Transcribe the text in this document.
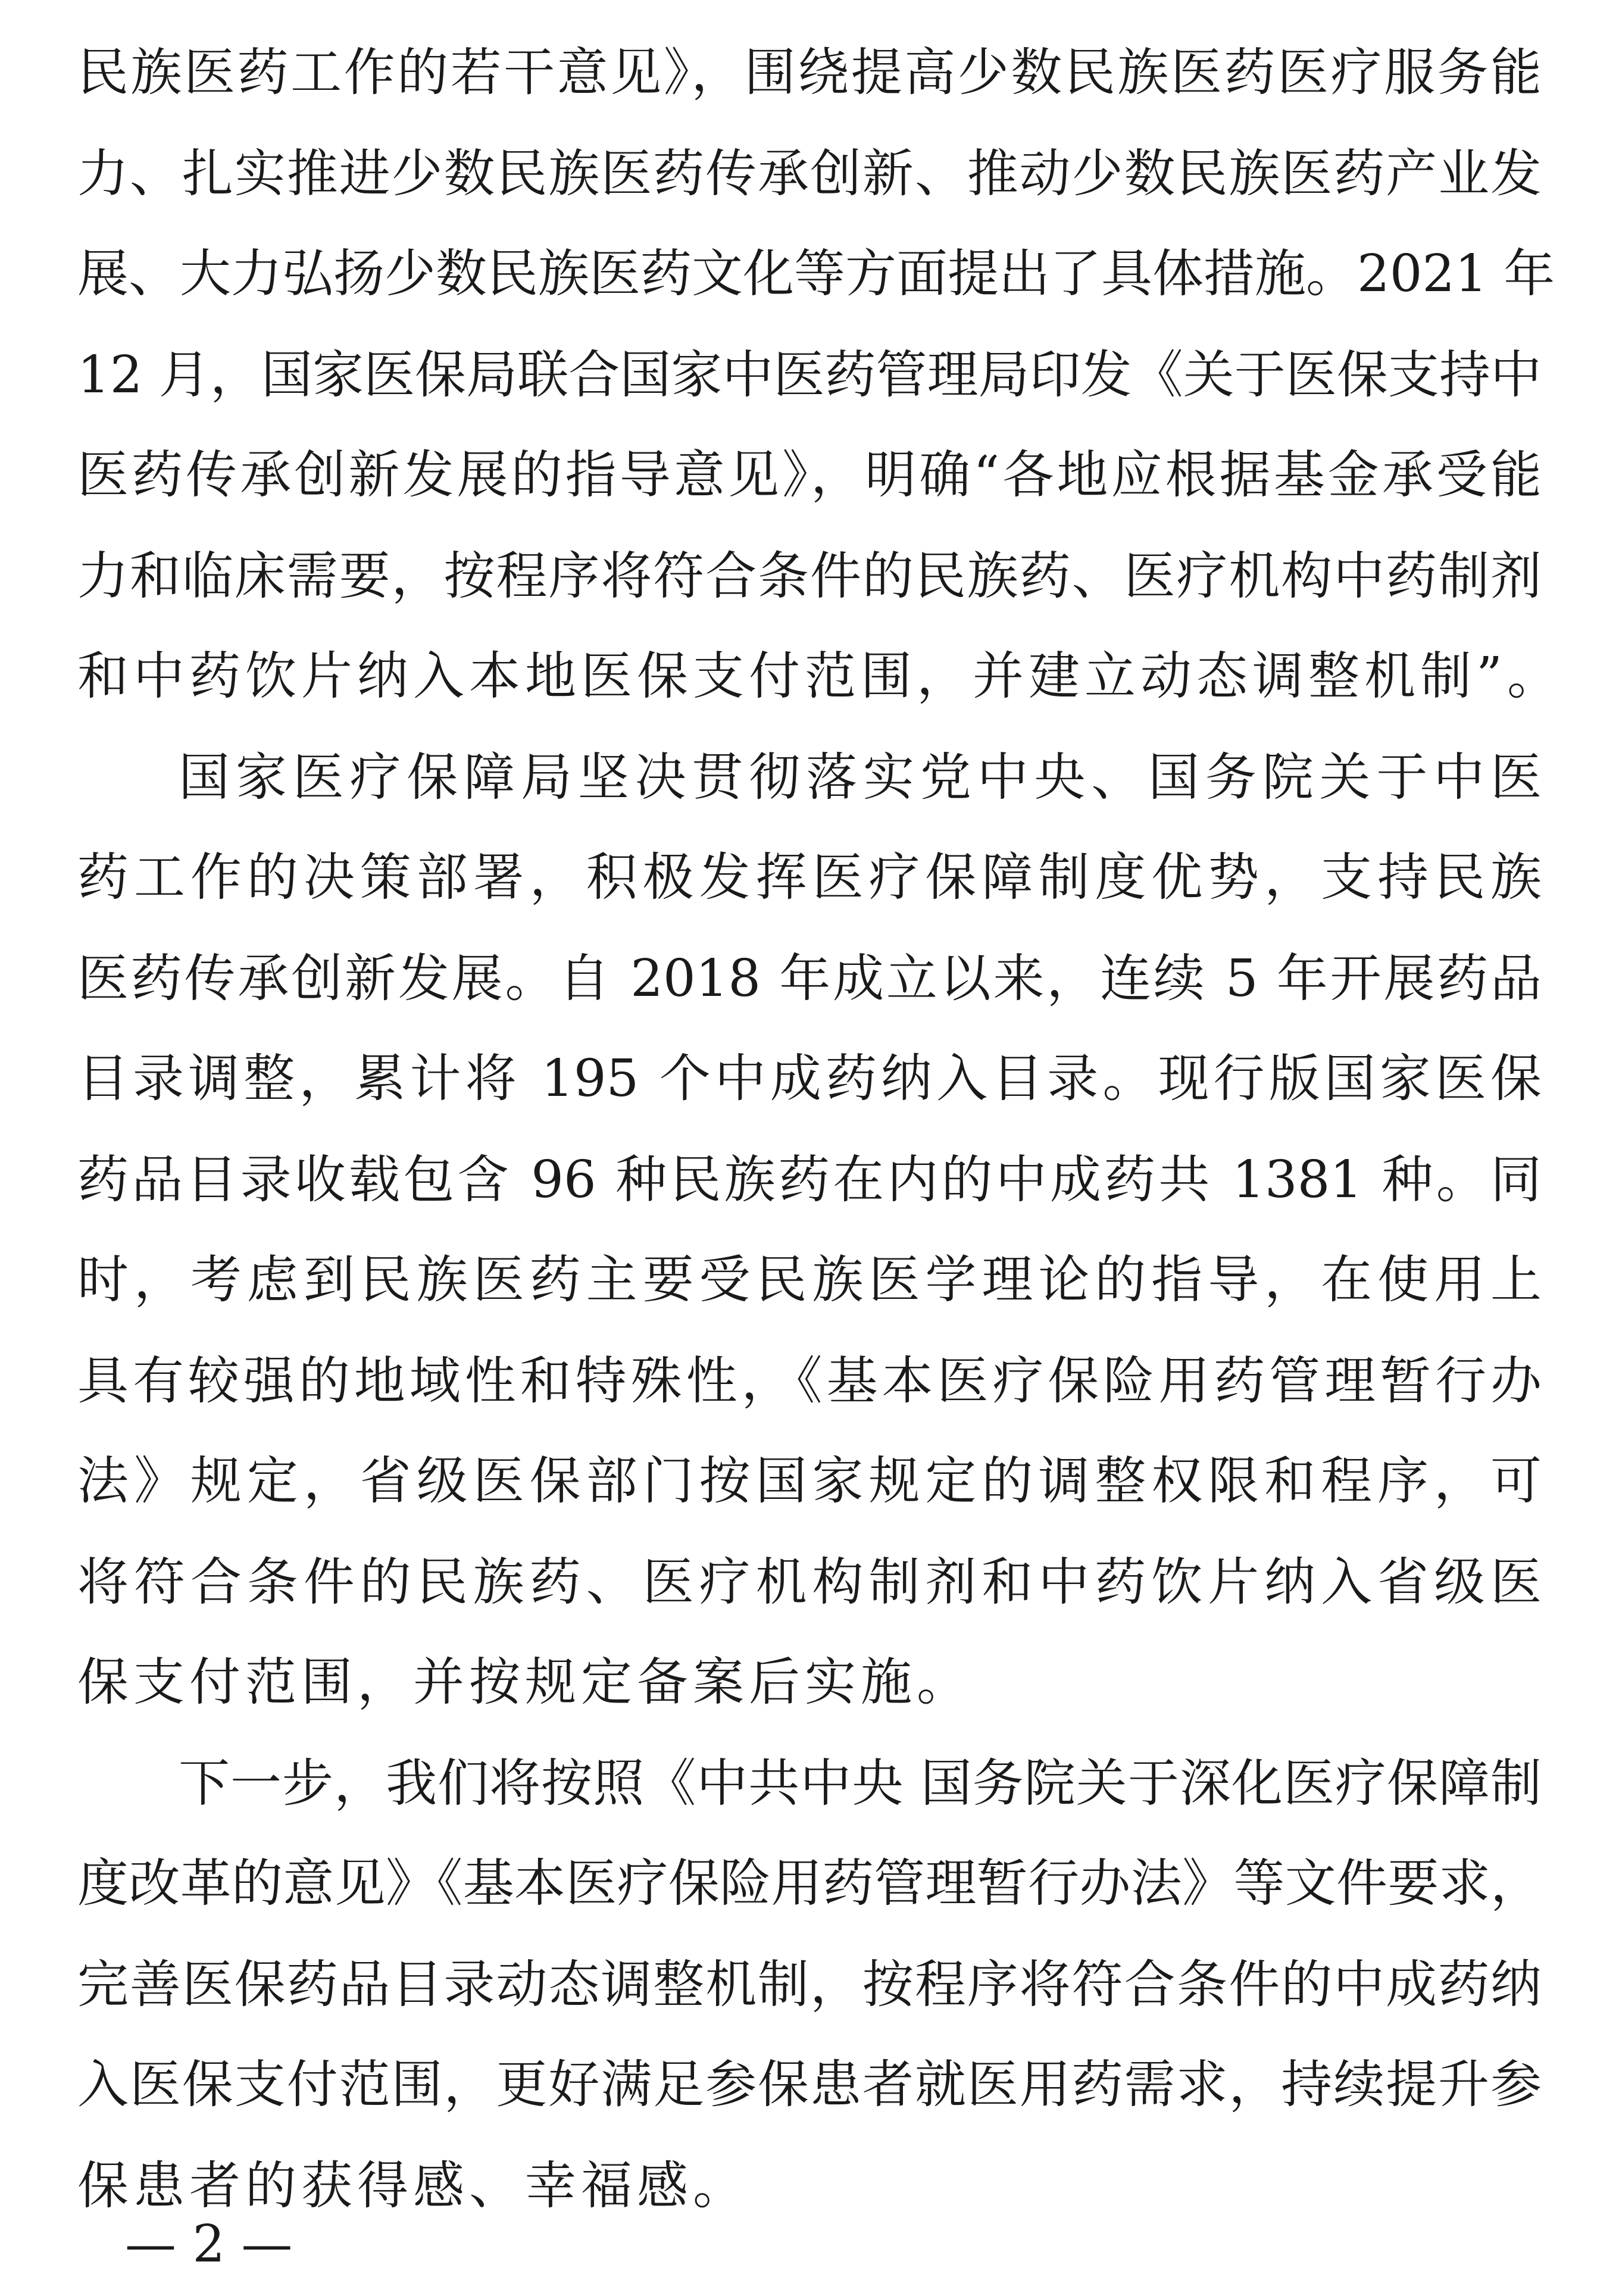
民族医药工作的若干意见》，围绕提高少数民族医药医疗服务能
力、扎实推进少数民族医药传承创新、推动少数民族医药产业发
展、大力弘扬少数民族医药文化等方面提出了具体措施。2021 年
12 月，国家医保局联合国家中医药管理局印发《关于医保支持中
医药传承创新发展的指导意见》，明确“各地应根据基金承受能
力和临床需要，按程序将符合条件的民族药、医疗机构中药制剂
和中药饮片纳入本地医保支付范围，并建立动态调整机制”。
国家医疗保障局坚决贯彻落实党中央、国务院关于中医
药工作的决策部署，积极发挥医疗保障制度优势，支持民族
医药传承创新发展。自 2018 年成立以来，连续 5 年开展药品
目录调整，累计将 195 个中成药纳入目录。现行版国家医保
药品目录收载包含 96 种民族药在内的中成药共 1381 种。同
时，考虑到民族医药主要受民族医学理论的指导，在使用上
具有较强的地域性和特殊性，《基本医疗保险用药管理暂行办
法》规定，省级医保部门按国家规定的调整权限和程序，可
将符合条件的民族药、医疗机构制剂和中药饮片纳入省级医
保支付范围，并按规定备案后实施。
下一步，我们将按照《中共中央 国务院关于深化医疗保障制
度改革的意见》《基本医疗保险用药管理暂行办法》等文件要求，
完善医保药品目录动态调整机制，按程序将符合条件的中成药纳
入医保支付范围，更好满足参保患者就医用药需求，持续提升参
保患者的获得感、幸福感。
— 2 —
